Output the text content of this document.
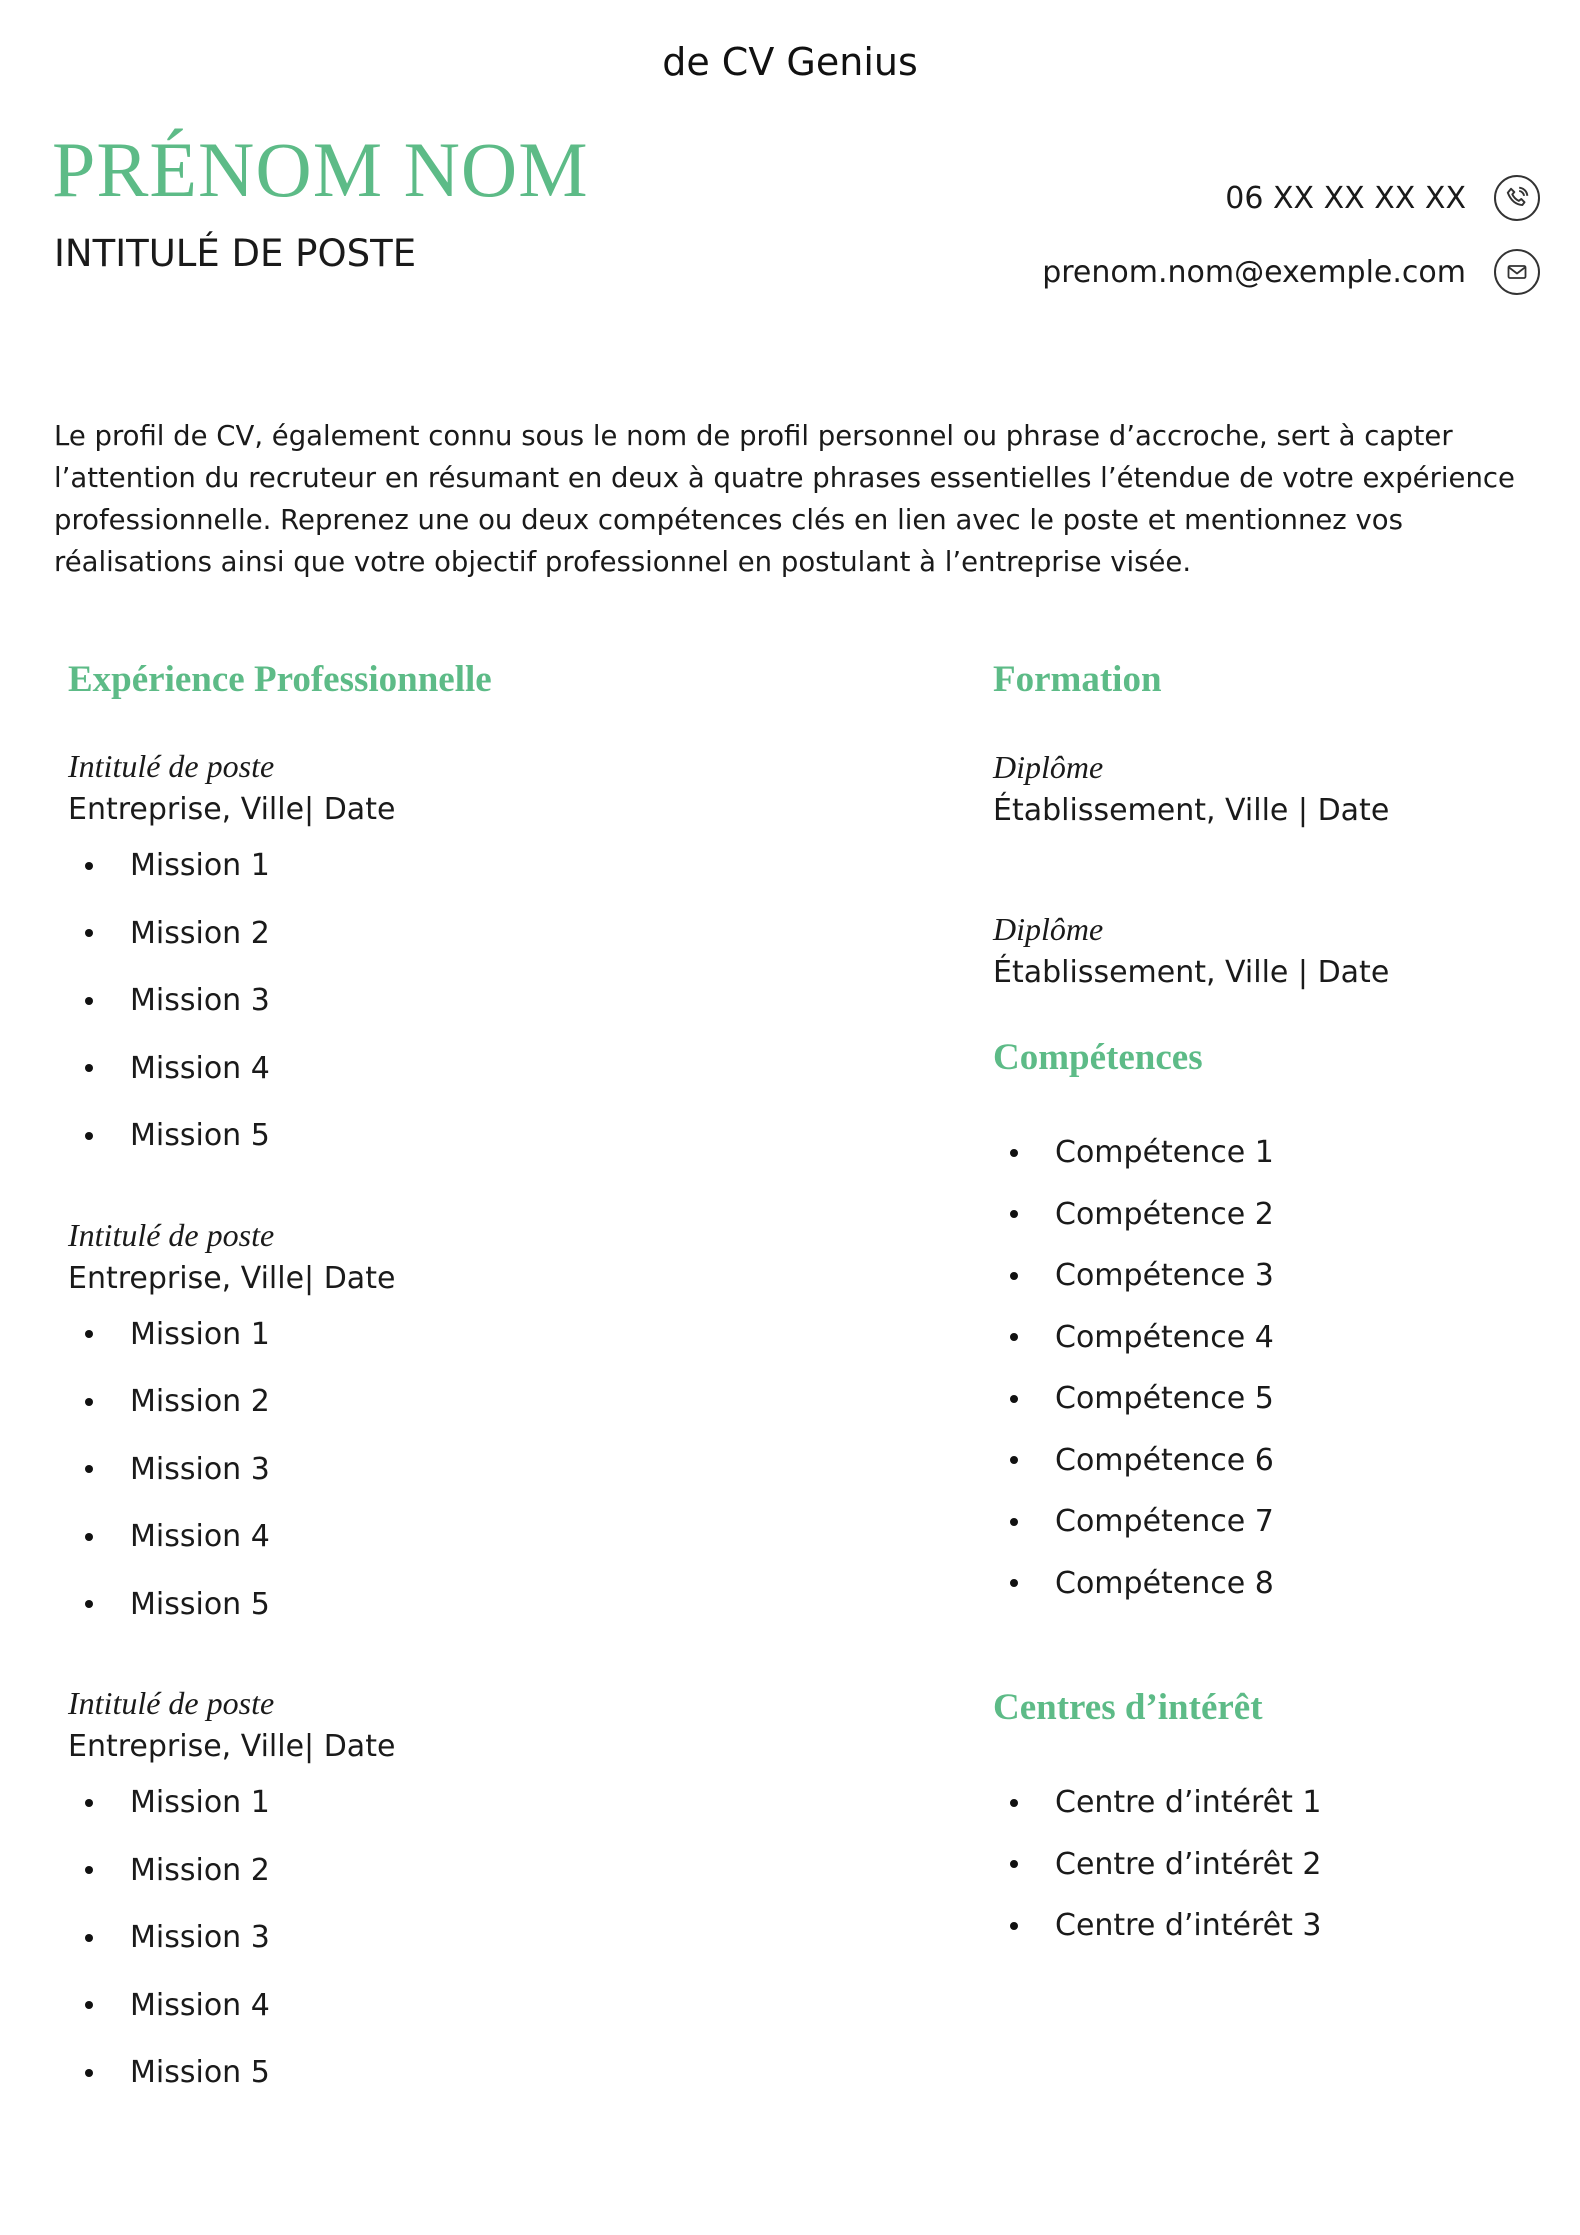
de CV Genius
PRÉNOM NOM
INTITULÉ DE POSTE
06 XX XX XX XX
prenom.nom@exemple.com
Le profil de CV, également connu sous le nom de profil personnel ou phrase d’accroche, sert à capter l’attention du recruteur en résumant en deux à quatre phrases essentielles l’étendue de votre expérience professionnelle. Reprenez une ou deux compétences clés en lien avec le poste et mentionnez vos réalisations ainsi que votre objectif professionnel en postulant à l’entreprise visée.
Expérience Professionnelle
Intitulé de poste
Entreprise, Ville| Date
Mission 1
Mission 2
Mission 3
Mission 4
Mission 5
Intitulé de poste
Entreprise, Ville| Date
Mission 1
Mission 2
Mission 3
Mission 4
Mission 5
Intitulé de poste
Entreprise, Ville| Date
Mission 1
Mission 2
Mission 3
Mission 4
Mission 5
Formation
Diplôme
Établissement, Ville | Date
Diplôme
Établissement, Ville | Date
Compétences
Compétence 1
Compétence 2
Compétence 3
Compétence 4
Compétence 5
Compétence 6
Compétence 7
Compétence 8
Centres d’intérêt
Centre d’intérêt 1
Centre d’intérêt 2
Centre d’intérêt 3
